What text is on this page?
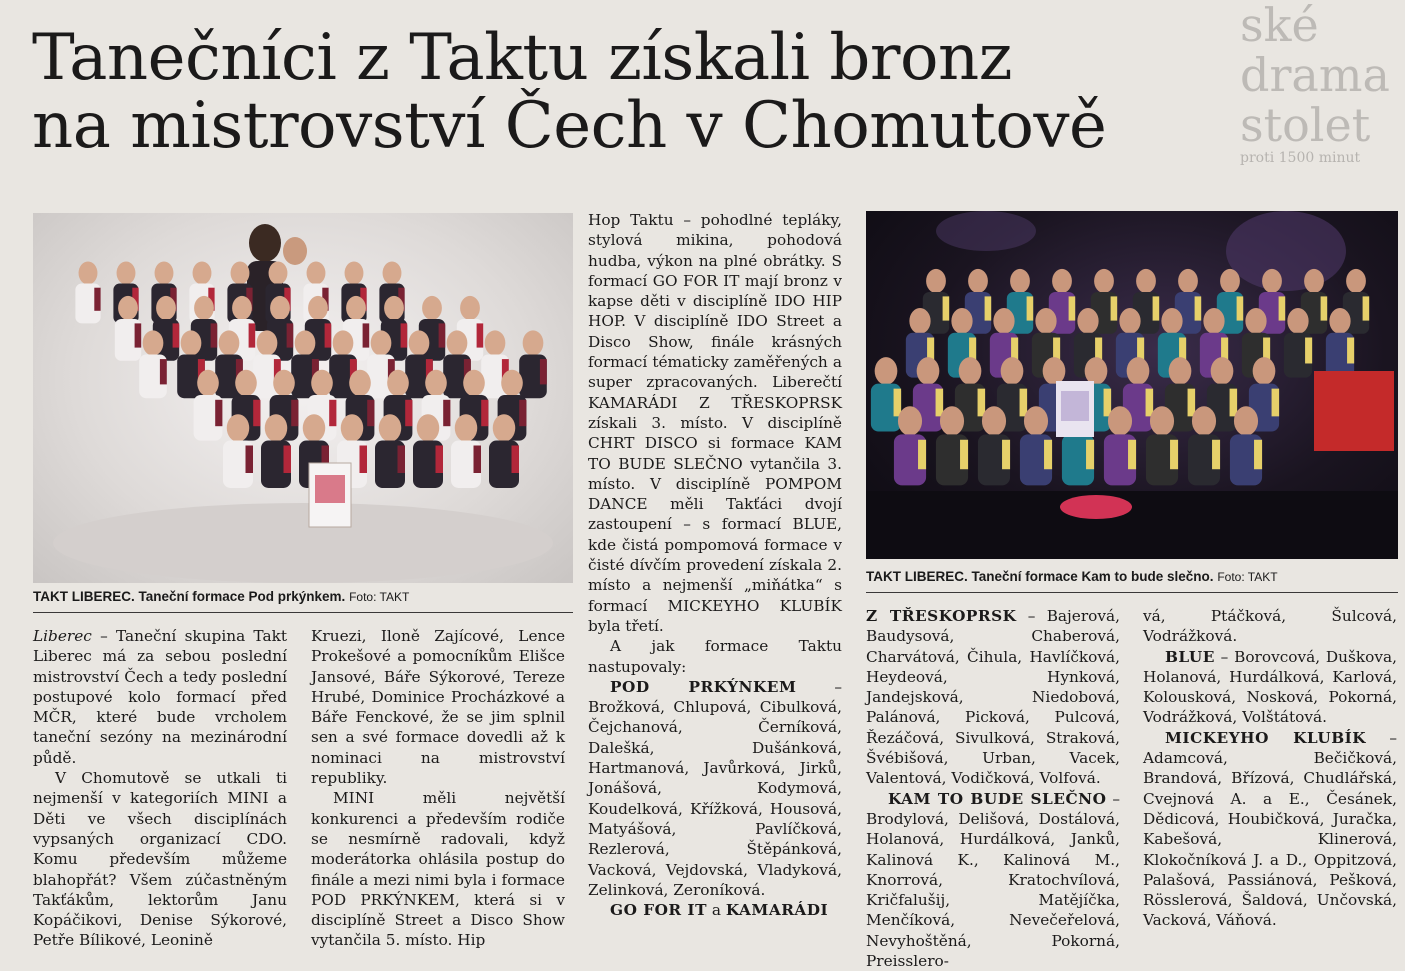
ské drama
stolet
proti 1500 minut
Tanečníci z Taktu získali bronz
na mistrovství Čech v Chomutově
TAKT LIBEREC. Taneční formace Pod prkýnkem. Foto: TAKT
TAKT LIBEREC. Taneční formace Kam to bude slečno. Foto: TAKT

Liberec – Taneční skupina Takt Liberec má za sebou poslední mistrovství Čech a tedy poslední postupové kolo formací před MČR, které bude vrcholem taneční sezóny na mezinárodní půdě.

V Chomutově se utkali ti nejmenší v kategoriích MINI a Děti ve všech disciplínách vypsaných organizací CDO. Komu především můžeme blahopřát? Všem zúčastněným Takťákům, lektorům Janu Kopáčikovi, Denise Sýkorové, Petře Bílikové, Leonině

Kruezi, Iloně Zajícové, Lence Prokešové a pomocníkům Elišce Jansové, Báře Sýkorové, Tereze Hrubé, Dominice Procházkové a Báře Fenckové, že se jim splnil sen a své formace dovedli až k nominaci na mistrovství republiky.

MINI měli největší konkurenci a především rodiče se nesmírně radovali, když moderátorka ohlásila postup do finále a mezi nimi byla i formace POD PRKÝNKEM, která si v disciplíně Street a Disco Show vytančila 5. místo. Hip

Hop Taktu – pohodlné tepláky, stylová mikina, pohodová hudba, výkon na plné obrátky. S formací GO FOR IT mají bronz v kapse děti v disciplíně IDO HIP HOP. V disciplíně IDO Street a Disco Show, finále krásných formací tématicky zaměřených a super zpracovaných. Liberečtí KAMARÁDI Z TŘESKOPRSK získali 3. místo. V disciplíně CHRT DISCO si formace KAM TO BUDE SLEČNO vytančila 3. místo. V disciplíně POMPOM DANCE měli Takťáci dvojí zastoupení – s formací BLUE, kde čistá pompomová formace v čisté dívčím provedení získala 2. místo a nejmenší „miňátka“ s formací MICKEYHO KLUBÍK byla třetí.

A jak formace Taktu nastupovaly:

POD PRKÝNKEM – Brožková, Chlupová, Cibulková, Čejchanová, Černíková, Dalešká, Dušánková, Hartmanová, Javůrková, Jirků, Jonášová, Kodymová, Koudelková, Křížková, Housová, Matyášová, Pavlíčková, Rezlerová, Štěpánková, Vacková, Vejdovská, Vladyková, Zelinková, Zeroníková.

GO FOR IT a KAMARÁDI

Z TŘESKOPRSK – Bajerová, Baudysová, Chaberová, Charvátová, Čihula, Havlíčková, Heydeová, Hynková, Jandejsková, Niedobová, Palánová, Picková, Pulcová, Řezáčová, Sivulková, Straková, Švébišová, Urban, Vacek, Valentová, Vodičková, Volfová.

KAM TO BUDE SLEČNO – Brodylová, Delišová, Dostálová, Holanová, Hurdálková, Janků, Kalinová K., Kalinová M., Knorrová, Kratochvílová, Kričfalušij, Matějíčka, Menčíková, Nevečeřelová, Nevyhoštěná, Pokorná, Preisslero-

vá, Ptáčková, Šulcová, Vodrážková.

BLUE – Borovcová, Duškova, Holanová, Hurdálková, Karlová, Kolousková, Nosková, Pokorná, Vodrážková, Volštátová.

MICKEYHO KLUBÍK – Adamcová, Bečičková, Brandová, Břízová, Chudlářská, Cvejnová A. a E., Česánek, Dědicová, Houbičková, Juračka, Kabešová, Klinerová, Klokočníková J. a D., Oppitzová, Palašová, Passiánová, Pešková, Rösslerová, Šaldová, Unčovská, Vacková, Váňová.
